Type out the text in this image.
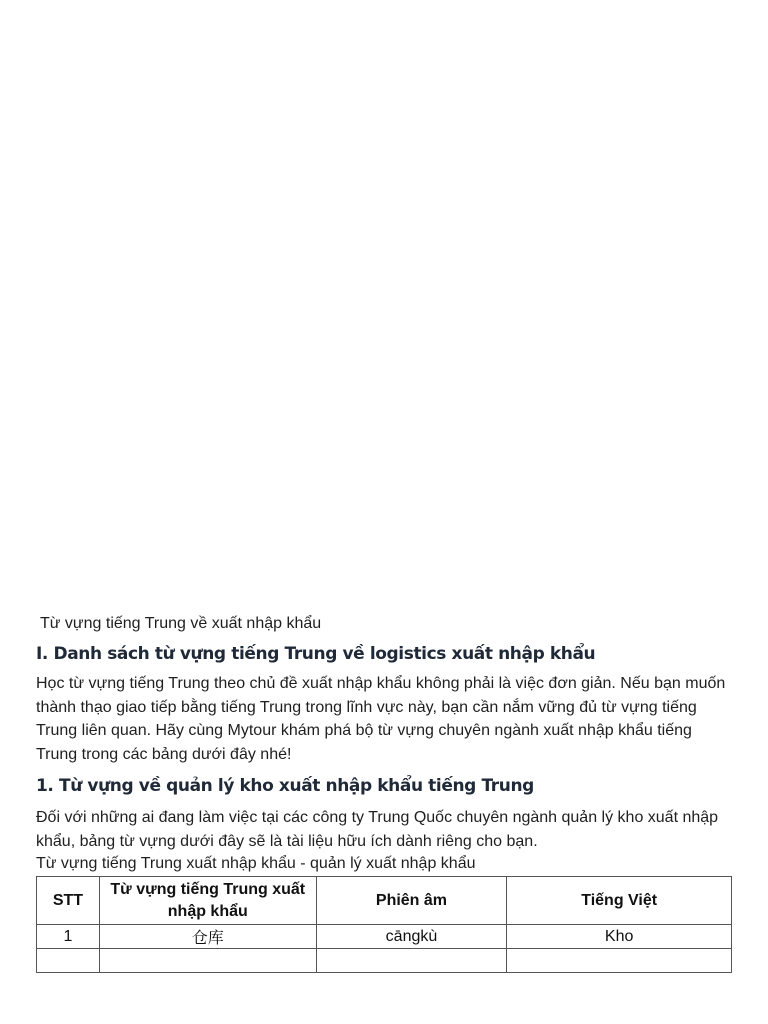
Từ vựng tiếng Trung về xuất nhập khẩu
I. Danh sách từ vựng tiếng Trung về logistics xuất nhập khẩu

Học từ vựng tiếng Trung theo chủ đề xuất nhập khẩu không phải là việc đơn giản. Nếu bạn muốn thành thạo giao tiếp bằng tiếng Trung trong lĩnh vực này, bạn cần nắm vững đủ từ vựng tiếng Trung liên quan. Hãy cùng Mytour khám phá bộ từ vựng chuyên ngành xuất nhập khẩu tiếng Trung trong các bảng dưới đây nhé!

1. Từ vựng về quản lý kho xuất nhập khẩu tiếng Trung

Đối với những ai đang làm việc tại các công ty Trung Quốc chuyên ngành quản lý kho xuất nhập khẩu, bảng từ vựng dưới đây sẽ là tài liệu hữu ích dành riêng cho bạn.

Từ vựng tiếng Trung xuất nhập khẩu - quản lý xuất nhập khẩu
STT	Từ vựng tiếng Trung xuất nhập khẩu	Phiên âm	Tiếng Việt
1	仓库	cāngkù	Kho
